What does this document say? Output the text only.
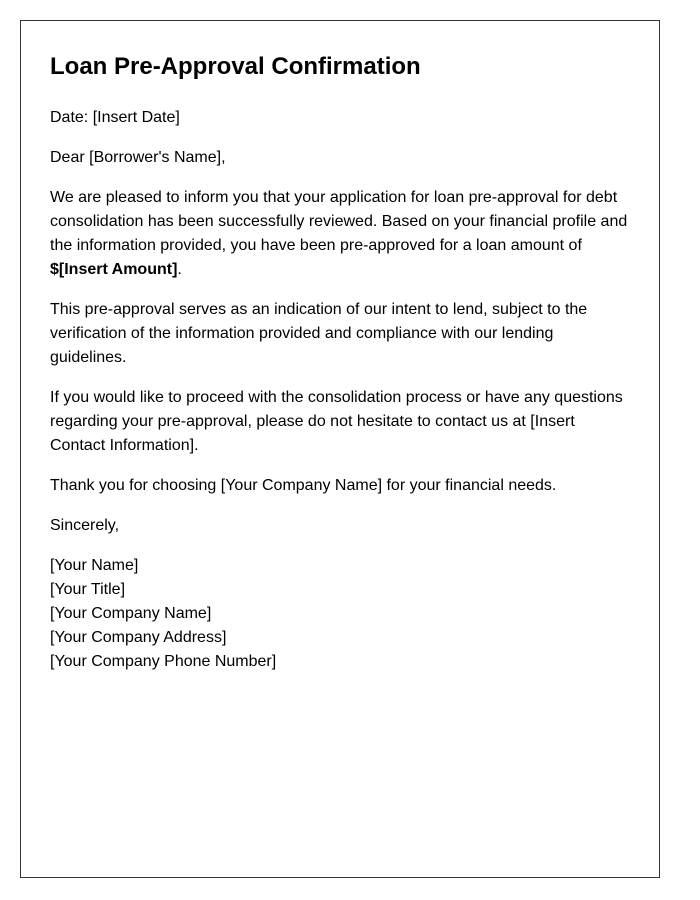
Loan Pre-Approval Confirmation

Date: [Insert Date]

Dear [Borrower's Name],

We are pleased to inform you that your application for loan pre-approval for debt consolidation has been successfully reviewed. Based on your financial profile and the information provided, you have been pre-approved for a loan amount of $[Insert Amount].

This pre-approval serves as an indication of our intent to lend, subject to the verification of the information provided and compliance with our lending guidelines.

If you would like to proceed with the consolidation process or have any questions regarding your pre-approval, please do not hesitate to contact us at [Insert Contact Information].

Thank you for choosing [Your Company Name] for your financial needs.

Sincerely,

[Your Name]
[Your Title]
[Your Company Name]
[Your Company Address]
[Your Company Phone Number]
